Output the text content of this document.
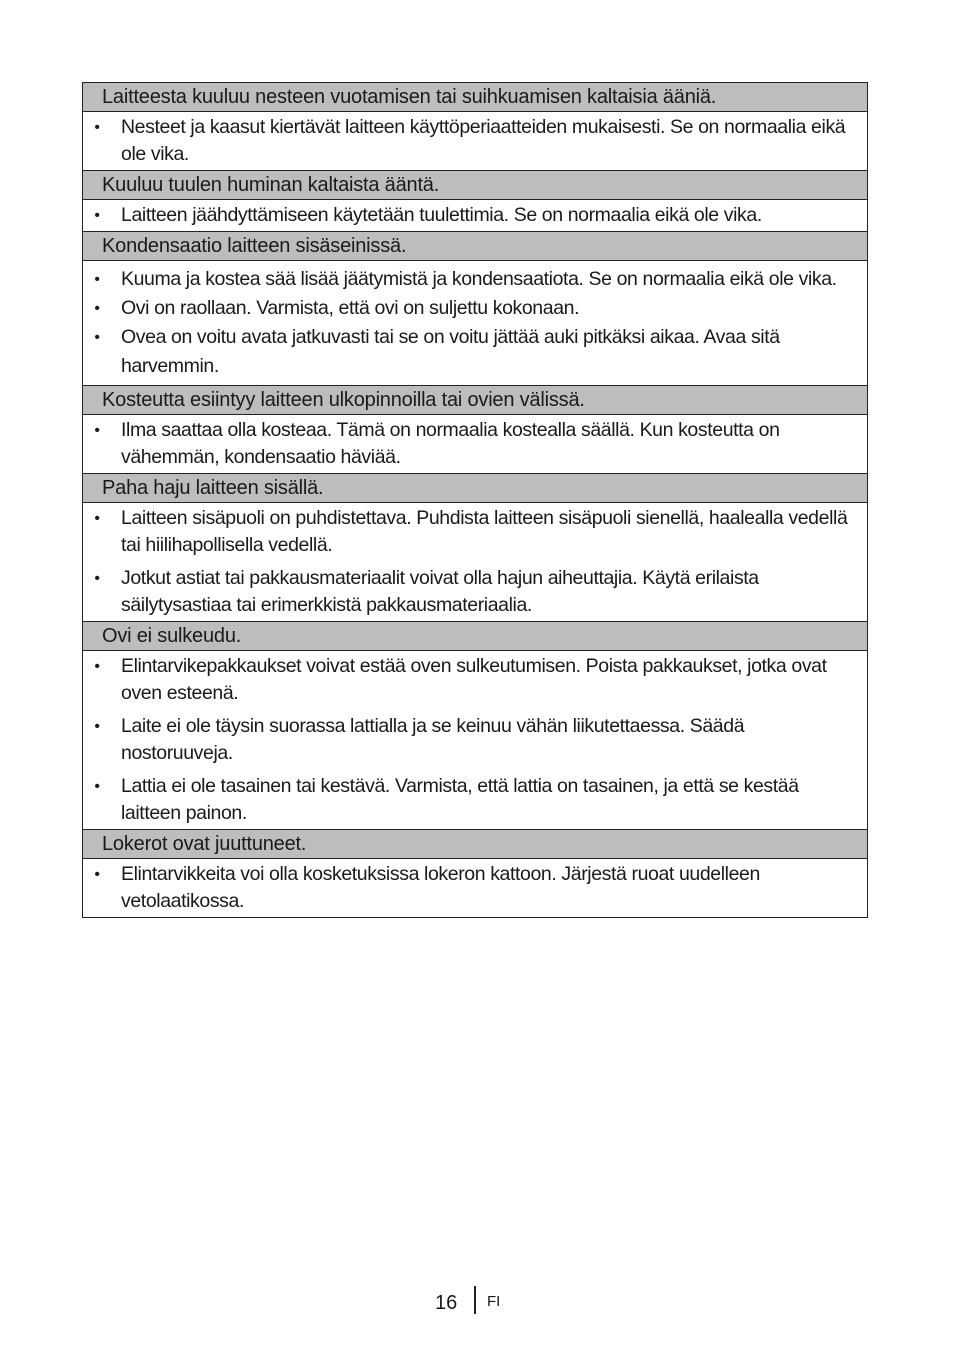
Laitteesta kuuluu nesteen vuotamisen tai suihkuamisen kaltaisia ääniä.
• Nesteet ja kaasut kiertävät laitteen käyttöperiaatteiden mukaisesti. Se on normaalia eikä ole vika.
Kuuluu tuulen huminan kaltaista ääntä.
• Laitteen jäähdyttämiseen käytetään tuulettimia. Se on normaalia eikä ole vika.
Kondensaatio laitteen sisäseinissä.
• Kuuma ja kostea sää lisää jäätymistä ja kondensaatiota. Se on normaalia eikä ole vika.
• Ovi on raollaan. Varmista, että ovi on suljettu kokonaan.
• Ovea on voitu avata jatkuvasti tai se on voitu jättää auki pitkäksi aikaa. Avaa sitä harvemmin.
Kosteutta esiintyy laitteen ulkopinnoilla tai ovien välissä.
• Ilma saattaa olla kosteaa. Tämä on normaalia kostealla säällä. Kun kosteutta on vähemmän, kondensaatio häviää.
Paha haju laitteen sisällä.
• Laitteen sisäpuoli on puhdistettava. Puhdista laitteen sisäpuoli sienellä, haalealla vedellä tai hiilihapollisella vedellä.
• Jotkut astiat tai pakkausmateriaalit voivat olla hajun aiheuttajia. Käytä erilaista säilytysastiaa tai erimerkkistä pakkausmateriaalia.
Ovi ei sulkeudu.
• Elintarvikepakkaukset voivat estää oven sulkeutumisen. Poista pakkaukset, jotka ovat oven esteenä.
• Laite ei ole täysin suorassa lattialla ja se keinuu vähän liikutettaessa. Säädä nostoruuveja.
• Lattia ei ole tasainen tai kestävä. Varmista, että lattia on tasainen, ja että se kestää laitteen painon.
Lokerot ovat juuttuneet.
• Elintarvikkeita voi olla kosketuksissa lokeron kattoon. Järjestä ruoat uudelleen vetolaatikossa.
16 FI
